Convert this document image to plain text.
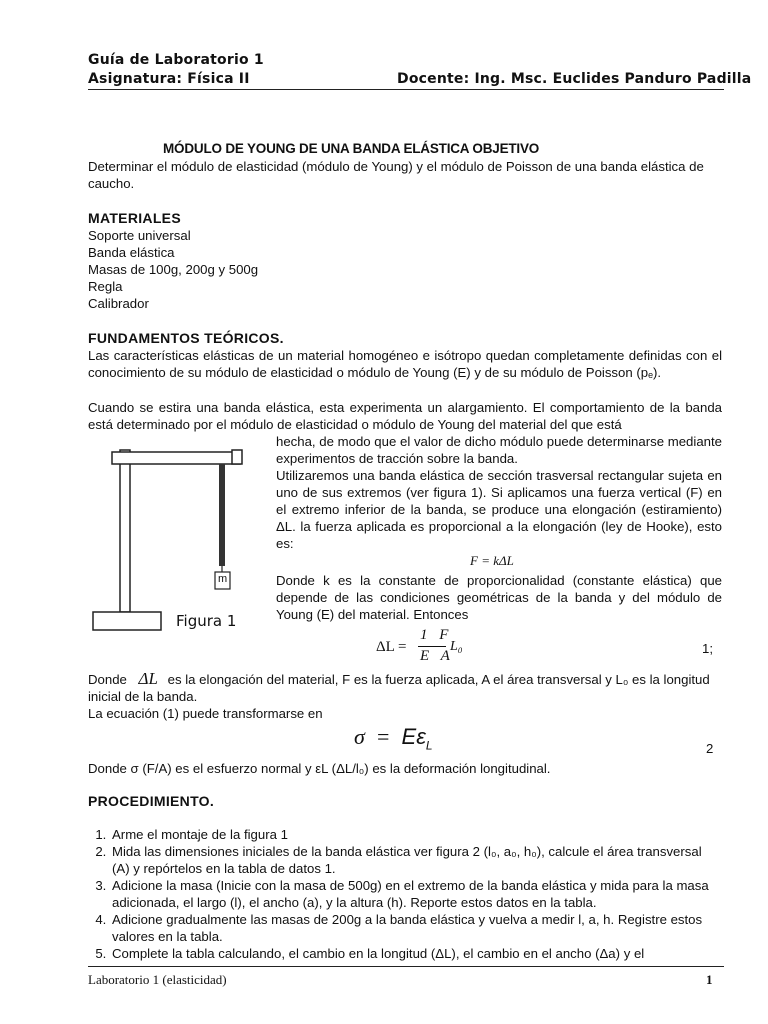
Guía de Laboratorio 1
Asignatura: Física II	Docente: Ing. Msc. Euclides Panduro Padilla
MÓDULO DE YOUNG DE UNA BANDA ELÁSTICA OBJETIVO
Determinar el módulo de elasticidad (módulo de Young) y el módulo de Poisson de una banda elástica de caucho.
MATERIALES
Soporte universal
Banda elástica
Masas de 100g, 200g y 500g
Regla
Calibrador
FUNDAMENTOS TEÓRICOS.
Las características elásticas de un material homogéneo e isótropo quedan completamente definidas con el conocimiento de su módulo de elasticidad o módulo de Young (E) y de su módulo de Poisson (pₑ).
Cuando se estira una banda elástica, esta experimenta un alargamiento. El comportamiento de la banda está determinado por el módulo de elasticidad o módulo de Young del material del que está
hecha, de modo que el valor de dicho módulo puede determinarse mediante experimentos de tracción sobre la banda.
Utilizaremos una banda elástica de sección trasversal rectangular sujeta en uno de sus extremos (ver figura 1). Si aplicamos una fuerza vertical (F) en el extremo inferior de la banda, se produce una elongación (estiramiento) ΔL. la fuerza aplicada es proporcional a la elongación (ley de Hooke), esto es:
F = kΔL
Donde k es la constante de proporcionalidad (constante elástica) que depende de las condiciones geométricas de la banda y del módulo de Young (E) del material. Entonces
m
Figura 1
ΔL =
1 F
E A
L₀	1;
Donde ΔL es la elongación del material, F es la fuerza aplicada, A el área transversal y L₀ es la longitud inicial de la banda.
La ecuación (1) puede transformarse en
$\sigma = E\varepsilon_L$	2
Donde σ (F/A) es el esfuerzo normal y εL (ΔL/l₀) es la deformación longitudinal.
PROCEDIMIENTO.
1. Arme el montaje de la figura 1
2. Mida las dimensiones iniciales de la banda elástica ver figura 2 (l₀, a₀, h₀), calcule el área transversal (A) y repórtelos en la tabla de datos 1.
3. Adicione la masa (Inicie con la masa de 500g) en el extremo de la banda elástica y mida para la masa adicionada, el largo (l), el ancho (a), y la altura (h). Reporte estos datos en la tabla.
4. Adicione gradualmente las masas de 200g a la banda elástica y vuelva a medir l, a, h. Registre estos valores en la tabla.
5. Complete la tabla calculando, el cambio en la longitud (ΔL), el cambio en el ancho (Δa) y el
Laboratorio 1 (elasticidad)	1
